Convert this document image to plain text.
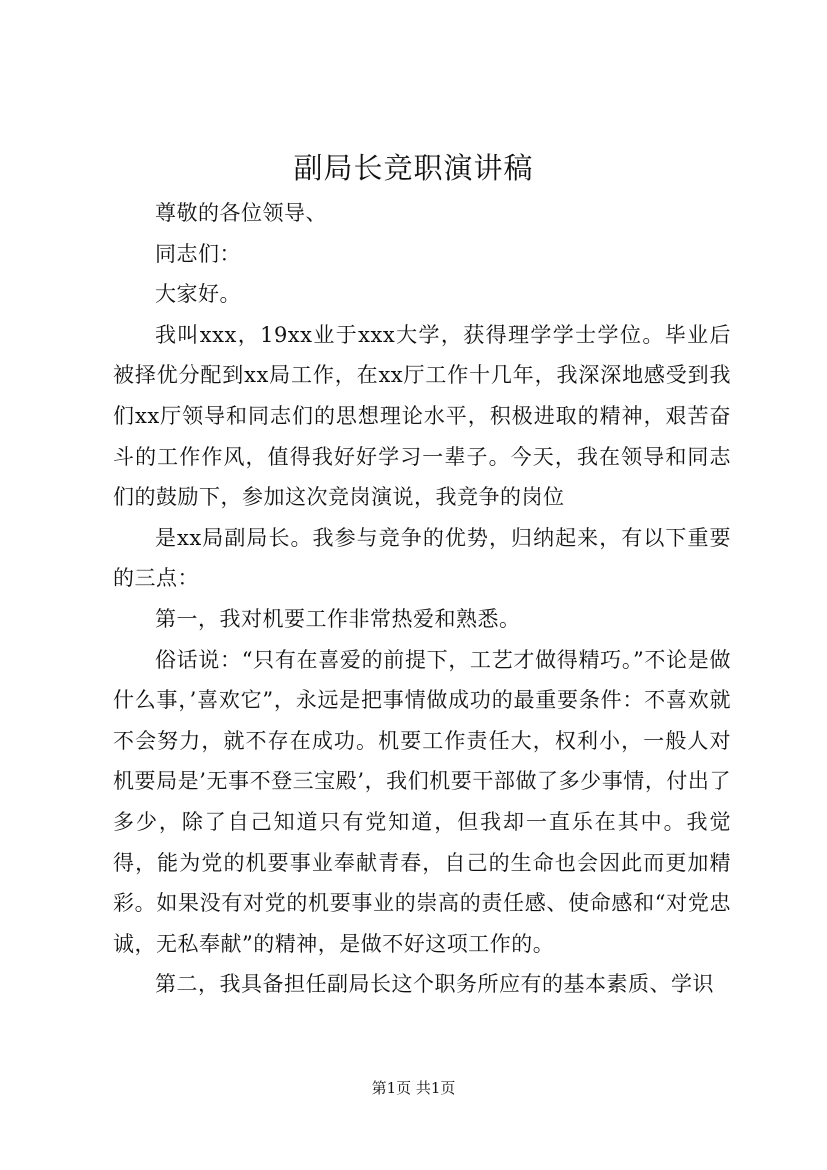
副局长竞职演讲稿

尊敬的各位领导、

同志们：

大家好。

我叫xxx，19xx业于xxx大学，获得理学学士学位。毕业后被择优分配到xx局工作，在xx厅工作十几年，我深深地感受到我们xx厅领导和同志们的思想理论水平，积极进取的精神，艰苦奋斗的工作作风，值得我好好学习一辈子。今天，我在领导和同志们的鼓励下，参加这次竞岗演说，我竞争的岗位

是xx局副局长。我参与竞争的优势，归纳起来，有以下重要的三点：

第一，我对机要工作非常热爱和熟悉。

俗话说：“只有在喜爱的前提下，工艺才做得精巧。”不论是做什么事，’喜欢它”，永远是把事情做成功的最重要条件：不喜欢就不会努力，就不存在成功。机要工作责任大，权利小，一般人对机要局是’无事不登三宝殿’，我们机要干部做了多少事情，付出了多少，除了自己知道只有党知道，但我却一直乐在其中。我觉得，能为党的机要事业奉献青春，自己的生命也会因此而更加精彩。如果没有对党的机要事业的崇高的责任感、使命感和“对党忠诚，无私奉献”的精神，是做不好这项工作的。

第二，我具备担任副局长这个职务所应有的基本素质、学识

第1页 共1页
